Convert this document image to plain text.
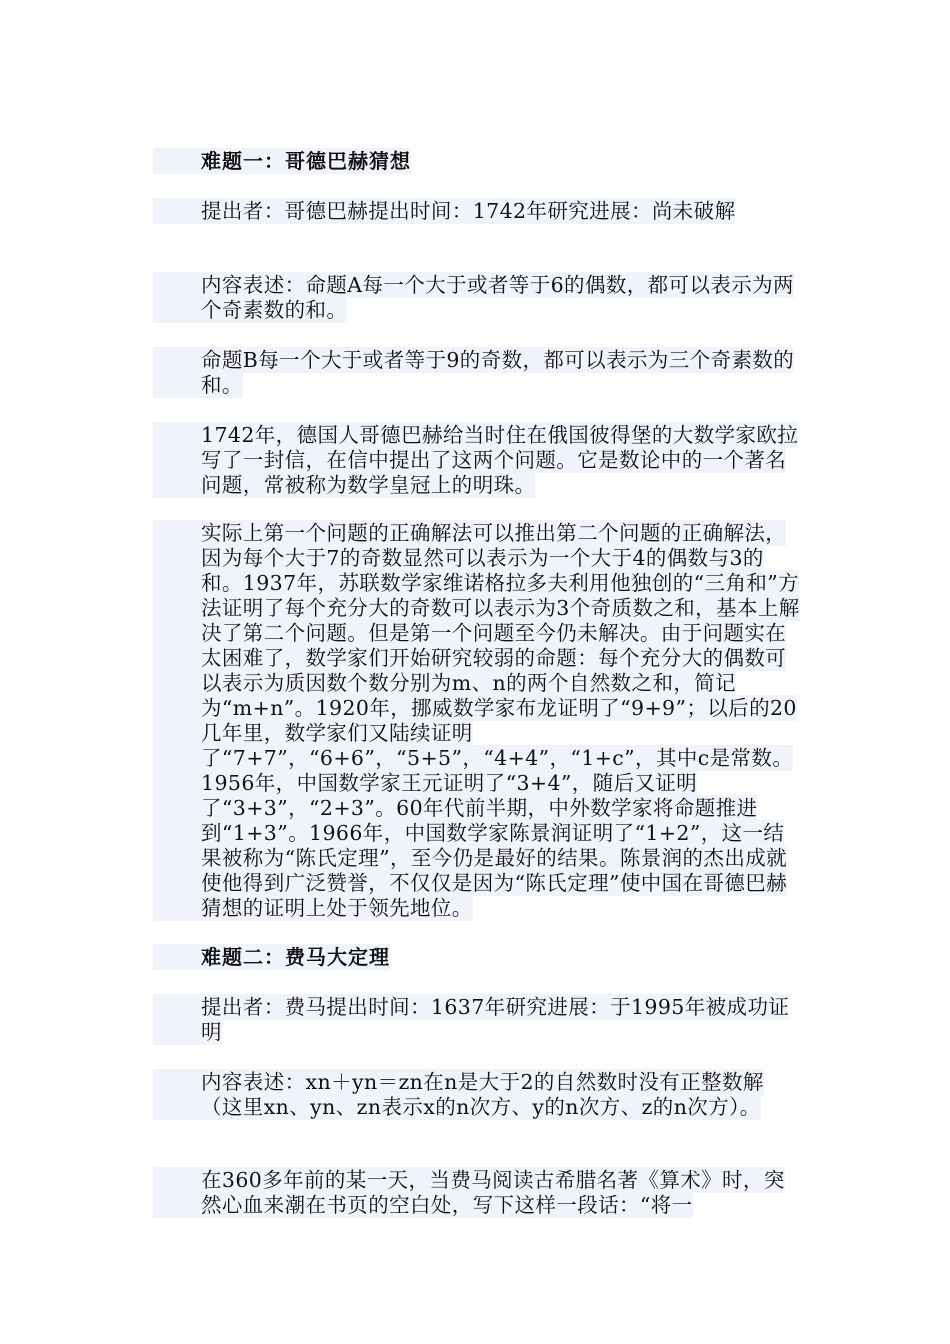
难题一：哥德巴赫猜想

提出者：哥德巴赫提出时间：1742年研究进展：尚未破解

内容表述：命题A每一个大于或者等于6的偶数，都可以表示为两个奇素数的和。

命题B每一个大于或者等于9的奇数，都可以表示为三个奇素数的和。

1742年，德国人哥德巴赫给当时住在俄国彼得堡的大数学家欧拉写了一封信，在信中提出了这两个问题。它是数论中的一个著名问题，常被称为数学皇冠上的明珠。

实际上第一个问题的正确解法可以推出第二个问题的正确解法，因为每个大于7的奇数显然可以表示为一个大于4的偶数与3的和。1937年，苏联数学家维诺格拉多夫利用他独创的“三角和”方法证明了每个充分大的奇数可以表示为3个奇质数之和，基本上解决了第二个问题。但是第一个问题至今仍未解决。由于问题实在太困难了，数学家们开始研究较弱的命题：每个充分大的偶数可以表示为质因数个数分别为m、n的两个自然数之和，简记为“m+n”。1920年，挪威数学家布龙证明了“9+9”；以后的20几年里，数学家们又陆续证明了“7+7”，“6+6”，“5+5”，“4+4”，“1+c”，其中c是常数。1956年，中国数学家王元证明了“3+4”，随后又证明了“3+3”，“2+3”。60年代前半期，中外数学家将命题推进到“1+3”。1966年，中国数学家陈景润证明了“1+2”，这一结果被称为“陈氏定理”，至今仍是最好的结果。陈景润的杰出成就使他得到广泛赞誉，不仅仅是因为“陈氏定理”使中国在哥德巴赫猜想的证明上处于领先地位。

难题二：费马大定理

提出者：费马提出时间：1637年研究进展：于1995年被成功证明

内容表述：xn＋yn＝zn在n是大于2的自然数时没有正整数解（这里xn、yn、zn表示x的n次方、y的n次方、z的n次方）。

在360多年前的某一天，当费马阅读古希腊名著《算术》时，突然心血来潮在书页的空白处，写下这样一段话：“将一
